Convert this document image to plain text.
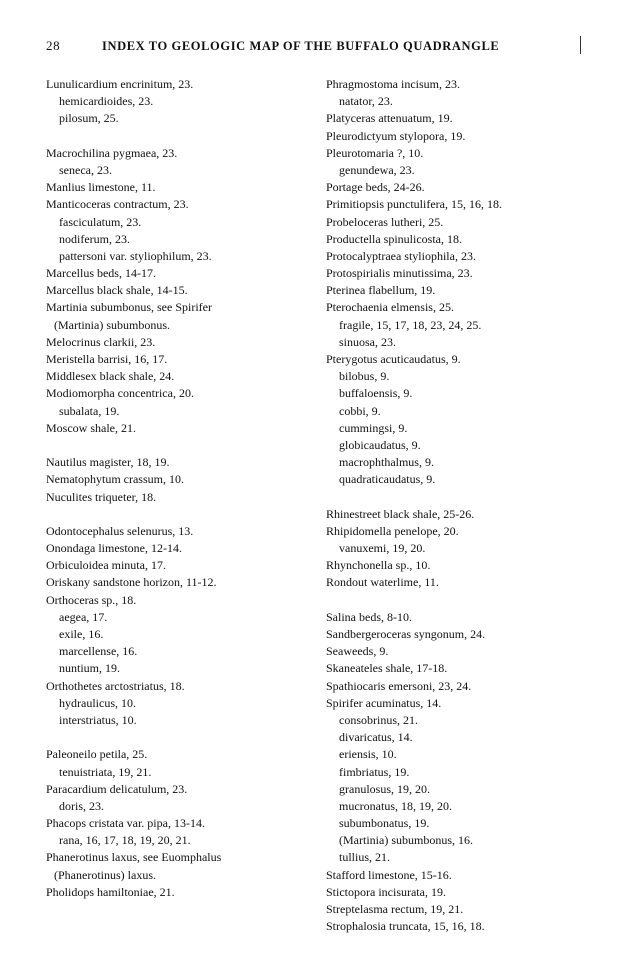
28	INDEX TO GEOLOGIC MAP OF THE BUFFALO QUADRANGLE
Lunulicardium encrinitum, 23.
hemicardioides, 23.
pilosum, 25.
Macrochilina pygmaea, 23.
seneca, 23.
Manlius limestone, 11.
Manticoceras contractum, 23.
fasciculatum, 23.
nodiferum, 23.
pattersoni var. styliophilum, 23.
Marcellus beds, 14-17.
Marcellus black shale, 14-15.
Martinia subumbonus, see Spirifer
(Martinia) subumbonus.
Melocrinus clarkii, 23.
Meristella barrisi, 16, 17.
Middlesex black shale, 24.
Modiomorpha concentrica, 20.
subalata, 19.
Moscow shale, 21.
Nautilus magister, 18, 19.
Nematophytum crassum, 10.
Nuculites triqueter, 18.
Odontocephalus selenurus, 13.
Onondaga limestone, 12-14.
Orbiculoidea minuta, 17.
Oriskany sandstone horizon, 11-12.
Orthoceras sp., 18.
aegea, 17.
exile, 16.
marcellense, 16.
nuntium, 19.
Orthothetes arctostriatus, 18.
hydraulicus, 10.
interstriatus, 10.
Paleoneilo petila, 25.
tenuistriata, 19, 21.
Paracardium delicatulum, 23.
doris, 23.
Phacops cristata var. pipa, 13-14.
rana, 16, 17, 18, 19, 20, 21.
Phanerotinus laxus, see Euomphalus
(Phanerotinus) laxus.
Pholidops hamiltoniae, 21.
Phragmostoma incisum, 23.
natator, 23.
Platyceras attenuatum, 19.
Pleurodictyum stylopora, 19.
Pleurotomaria ?, 10.
genundewa, 23.
Portage beds, 24-26.
Primitiopsis punctulifera, 15, 16, 18.
Probeloceras lutheri, 25.
Productella spinulicosta, 18.
Protocalyptraea styliophila, 23.
Protospirialis minutissima, 23.
Pterinea flabellum, 19.
Pterochaenia elmensis, 25.
fragile, 15, 17, 18, 23, 24, 25.
sinuosa, 23.
Pterygotus acuticaudatus, 9.
bilobus, 9.
buffaloensis, 9.
cobbi, 9.
cummingsi, 9.
globicaudatus, 9.
macrophthalmus, 9.
quadraticaudatus, 9.
Rhinestreet black shale, 25-26.
Rhipidomella penelope, 20.
vanuxemi, 19, 20.
Rhynchonella sp., 10.
Rondout waterlime, 11.
Salina beds, 8-10.
Sandbergeroceras syngonum, 24.
Seaweeds, 9.
Skaneateles shale, 17-18.
Spathiocaris emersoni, 23, 24.
Spirifer acuminatus, 14.
consobrinus, 21.
divaricatus, 14.
eriensis, 10.
fimbriatus, 19.
granulosus, 19, 20.
mucronatus, 18, 19, 20.
subumbonatus, 19.
(Martinia) subumbonus, 16.
tullius, 21.
Stafford limestone, 15-16.
Stictopora incisurata, 19.
Streptelasma rectum, 19, 21.
Strophalosia truncata, 15, 16, 18.
